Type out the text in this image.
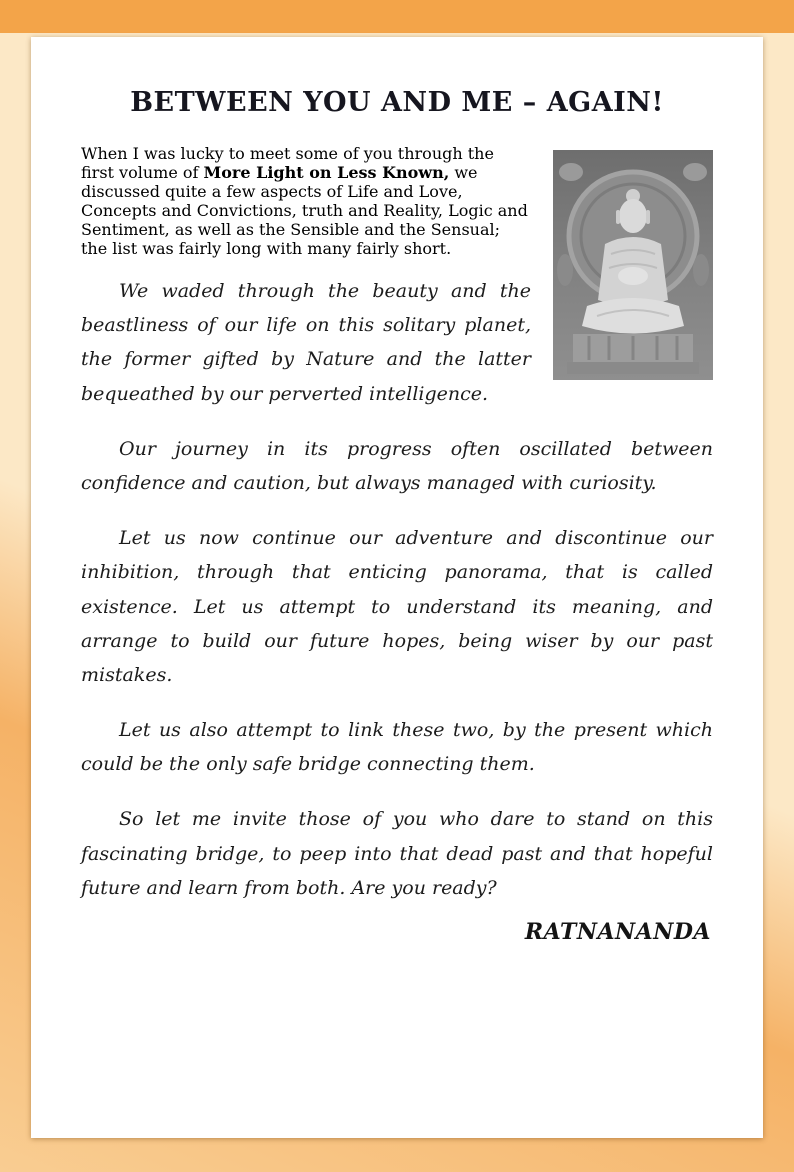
BETWEEN YOU AND ME – AGAIN!

When I was lucky to meet some of you through the first volume of More Light on Less Known, we discussed quite a few aspects of Life and Love, Concepts and Convictions, truth and Reality, Logic and Sentiment, as well as the Sensible and the Sensual; the list was fairly long with many fairly short.

We waded through the beauty and the beastliness of our life on this solitary planet, the former gifted by Nature and the latter bequeathed by our perverted intelligence.

Our journey in its progress often oscillated between confidence and caution, but always managed with curiosity.

Let us now continue our adventure and discontinue our inhibition, through that enticing panorama, that is called existence. Let us attempt to understand its meaning, and arrange to build our future hopes, being wiser by our past mistakes.

Let us also attempt to link these two, by the present which could be the only safe bridge connecting them.

So let me invite those of you who dare to stand on this fascinating bridge, to peep into that dead past and that hopeful future and learn from both. Are you ready?

RATNANANDA
